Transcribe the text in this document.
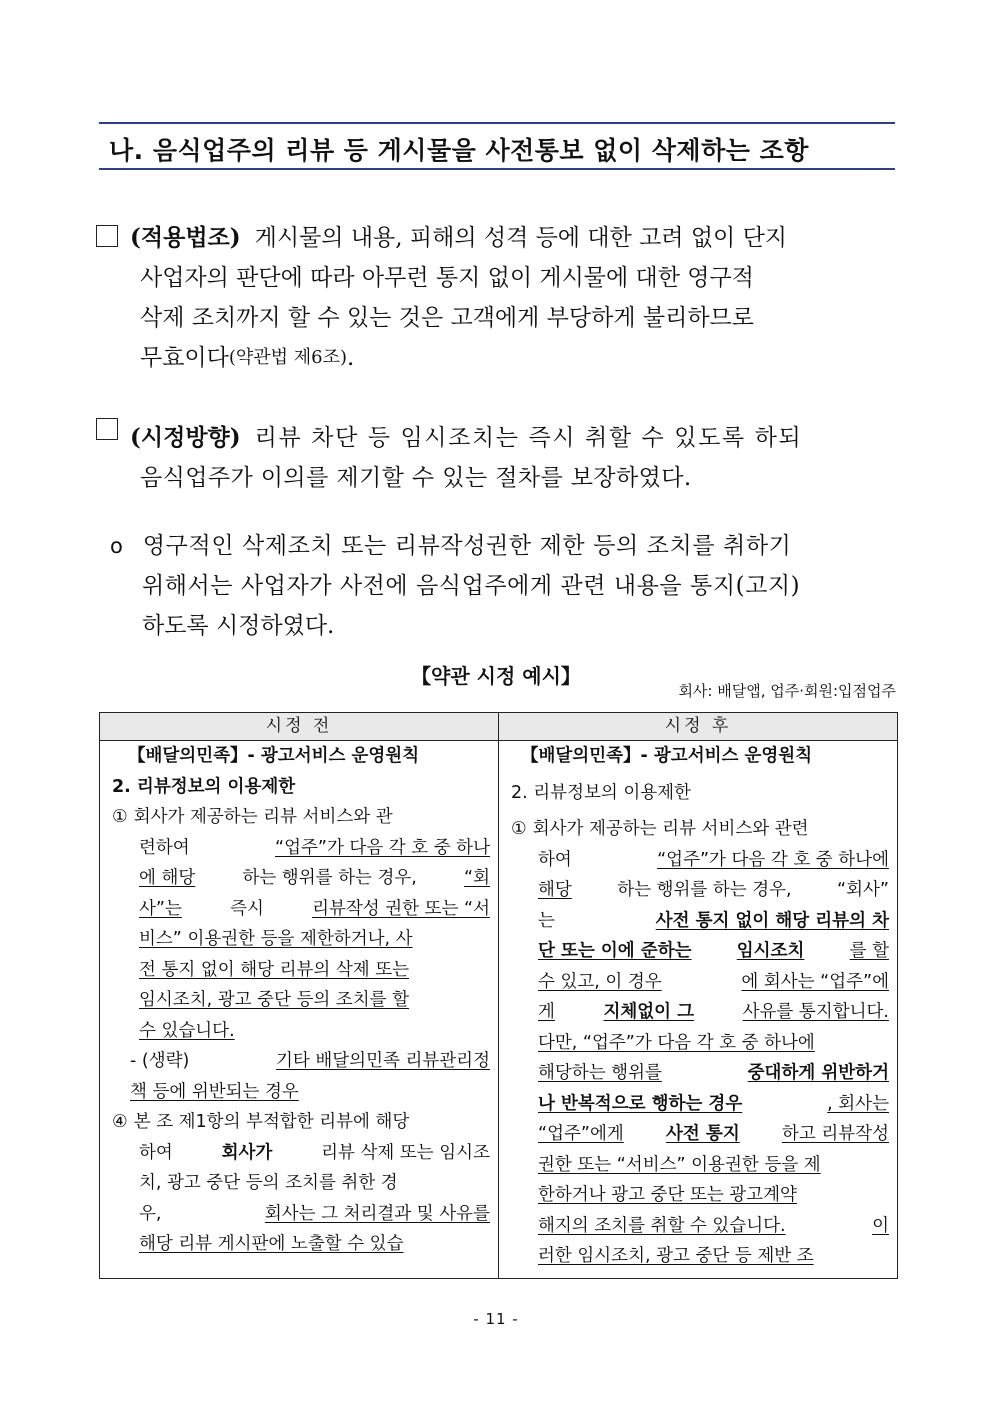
나. 음식업주의 리뷰 등 게시물을 사전통보 없이 삭제하는 조항
(적용법조) 게시물의 내용, 피해의 성격 등에 대한 고려 없이 단지
사업자의 판단에 따라 아무런 통지 없이 게시물에 대한 영구적
삭제 조치까지 할 수 있는 것은 고객에게 부당하게 불리하므로
무효이다 (약관법 제6조) .
(시정방향) 리뷰 차단 등 임시조치는 즉시 취할 수 있도록 하되
음식업주가 이의를 제기할 수 있는 절차를 보장하였다.
o 영구적인 삭제조치 또는 리뷰작성권한 제한 등의 조치를 취하기
위해서는 사업자가 사전에 음식업주에게 관련 내용을 통지(고지)
하도록 시정하였다.
【약관 시정 예시】
회사: 배달앱, 업주·회원:입점업주
시정 전	시정 후
【배달의민족】- 광고서비스 운영원칙
2. 리뷰정보의 이용제한
① 회사가 제공하는 리뷰 서비스와 관
련하여	“업주”가 다음 각 호 중 하나
에 해당	하는 행위를 하는 경우,	“회
사”는	즉시	리뷰작성 권한 또는 “서
비스” 이용권한 등을 제한하거나, 사
전 통지 없이 해당 리뷰의 삭제 또는
임시조치, 광고 중단 등의 조치를 할
수 있습니다.
- (생략)	기타 배달의민족 리뷰관리정
책 등에 위반되는 경우
④ 본 조 제1항의 부적합한 리뷰에 해당
하여	회사가	리뷰 삭제 또는 임시조
치, 광고 중단 등의 조치를 취한 경
우,	회사는 그 처리결과 및 사유를
해당 리뷰 게시판에 노출할 수 있습
【배달의민족】- 광고서비스 운영원칙
2. 리뷰정보의 이용제한
① 회사가 제공하는 리뷰 서비스와 관련
하여	“업주”가 다음 각 호 중 하나에
해당	하는 행위를 하는 경우,	“회사”
는	사전 통지 없이 해당 리뷰의 차
단 또는 이에 준하는	임시조치	를 할
수 있고, 이 경우	에 회사는 “업주”에
게	지체없이 그	사유를 통지합니다.
다만, “업주”가 다음 각 호 중 하나에
해당하는 행위를	중대하게 위반하거
나 반복적으로 행하는 경우	, 회사는
“업주”에게 사전 통지 하고 리뷰작성
권한 또는 “서비스” 이용권한 등을 제
한하거나 광고 중단 또는 광고계약
해지의 조치를 취할 수 있습니다.	이
러한 임시조치, 광고 중단 등 제반 조
- 11 -
